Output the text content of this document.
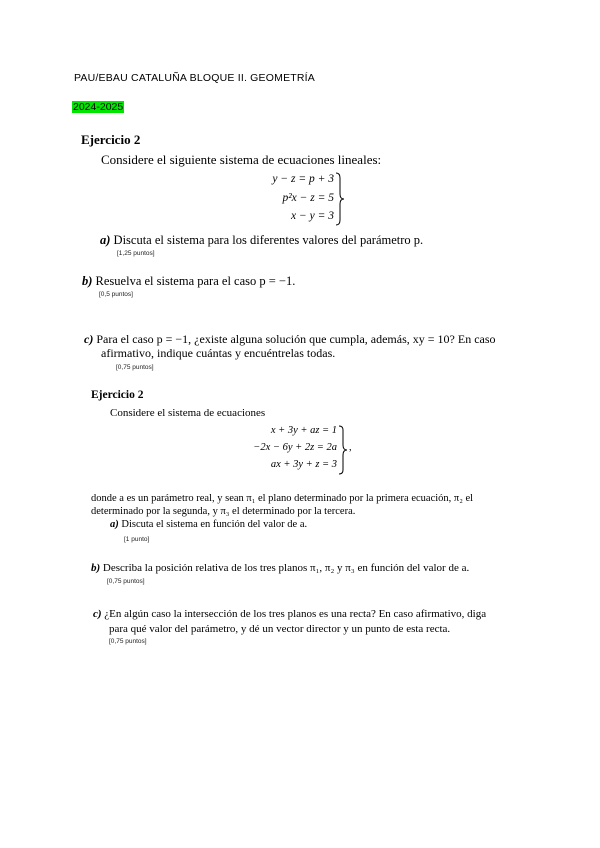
PAU/EBAU CATALUÑA BLOQUE II. GEOMETRÍA
2024-2025
Ejercicio 2
Considere el siguiente sistema de ecuaciones lineales:
y − z = p + 3
p²x − z = 5
x − y = 3
a) Discuta el sistema para los diferentes valores del parámetro p.
[1,25 puntos]
b) Resuelva el sistema para el caso p = −1.
[0,5 puntos]
c) Para el caso p = −1, ¿existe alguna solución que cumpla, además, xy = 10? En caso
afirmativo, indique cuántas y encuéntrelas todas.
[0,75 puntos]
Ejercicio 2
Considere el sistema de ecuaciones
x + 3y + az = 1
−2x − 6y + 2z = 2a
ax + 3y + z = 3
,
donde a es un parámetro real, y sean π₁ el plano determinado por la primera ecuación, π₂ el
determinado por la segunda, y π₃ el determinado por la tercera.
a) Discuta el sistema en función del valor de a.
[1 punto]
b) Describa la posición relativa de los tres planos π₁, π₂ y π₃ en función del valor de a.
[0,75 puntos]
c) ¿En algún caso la intersección de los tres planos es una recta? En caso afirmativo, diga
para qué valor del parámetro, y dé un vector director y un punto de esta recta.
[0,75 puntos]
